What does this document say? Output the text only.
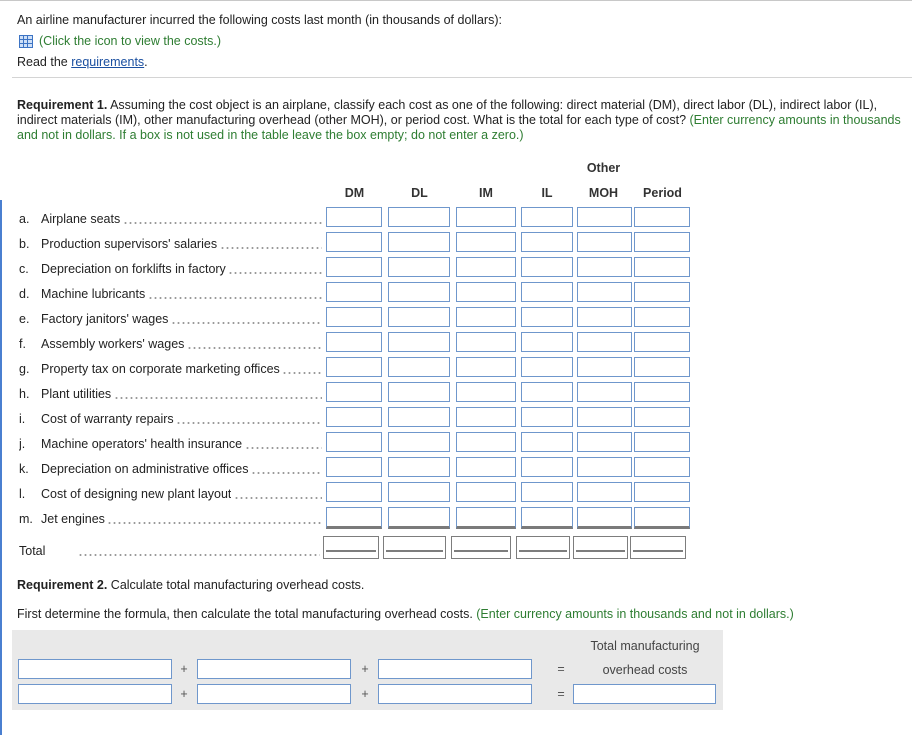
An airline manufacturer incurred the following costs last month (in thousands of dollars):
(Click the icon to view the costs.)
Read the requirements.
Requirement 1. Assuming the cost object is an airplane, classify each cost as one of the following: direct material (DM), direct labor (DL), indirect labor (IL), indirect materials (IM), other manufacturing overhead (other MOH), or period cost. What is the total for each type of cost? (Enter currency amounts in thousands and not in dollars. If a box is not used in the table leave the box empty; do not enter a zero.)
Other
DM	DL	IM	IL	MOH	Period
a. Airplane seats
b. Production supervisors' salaries
c. Depreciation on forklifts in factory
d. Machine lubricants
e. Factory janitors' wages
f. Assembly workers' wages
g. Property tax on corporate marketing offices
h. Plant utilities
i. Cost of warranty repairs
j. Machine operators' health insurance
k. Depreciation on administrative offices
l. Cost of designing new plant layout
m. Jet engines
Total
Requirement 2. Calculate total manufacturing overhead costs.
First determine the formula, then calculate the total manufacturing overhead costs. (Enter currency amounts in thousands and not in dollars.)
Total manufacturing
overhead costs
+	+	=
+	+	=
